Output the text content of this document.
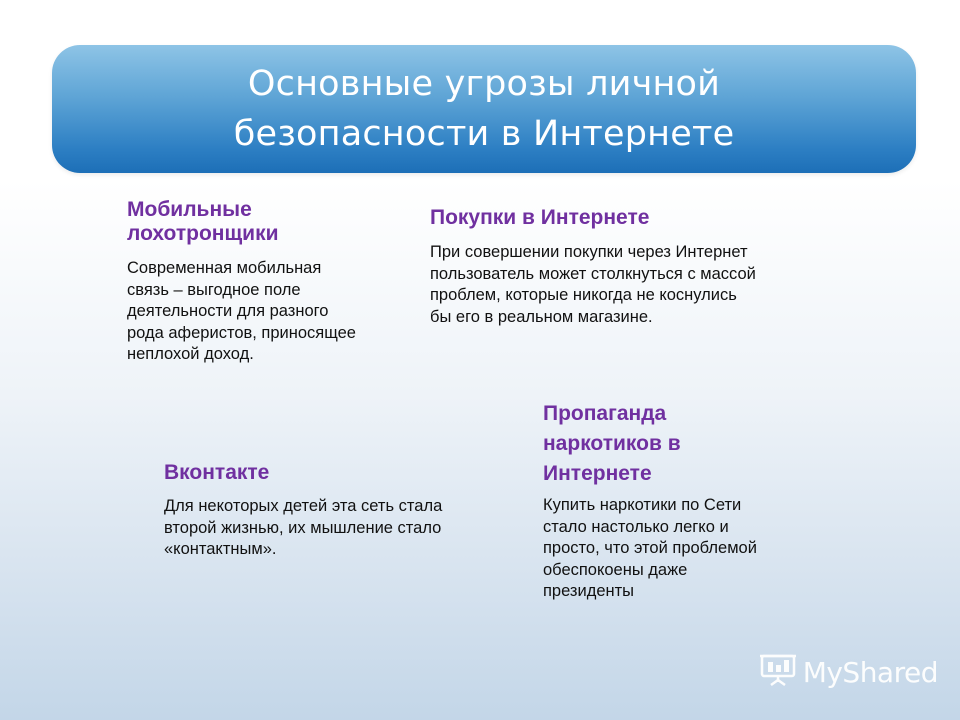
Основные угрозы личной
безопасности в Интернете
Мобильные лохотронщики

Современная мобильная связь – выгодное поле деятельности для разного рода аферистов, приносящее неплохой доход.

Покупки в Интернете

При совершении покупки через Интернет пользователь может столкнуться с массой проблем, которые никогда не коснулись бы его в реальном магазине.

Вконтакте

Для некоторых детей эта сеть стала второй жизнью, их мышление стало «контактным».

Пропаганда наркотиков в Интернете

Купить наркотики по Сети стало настолько легко и просто, что этой проблемой обеспокоены даже президенты

MyShared
